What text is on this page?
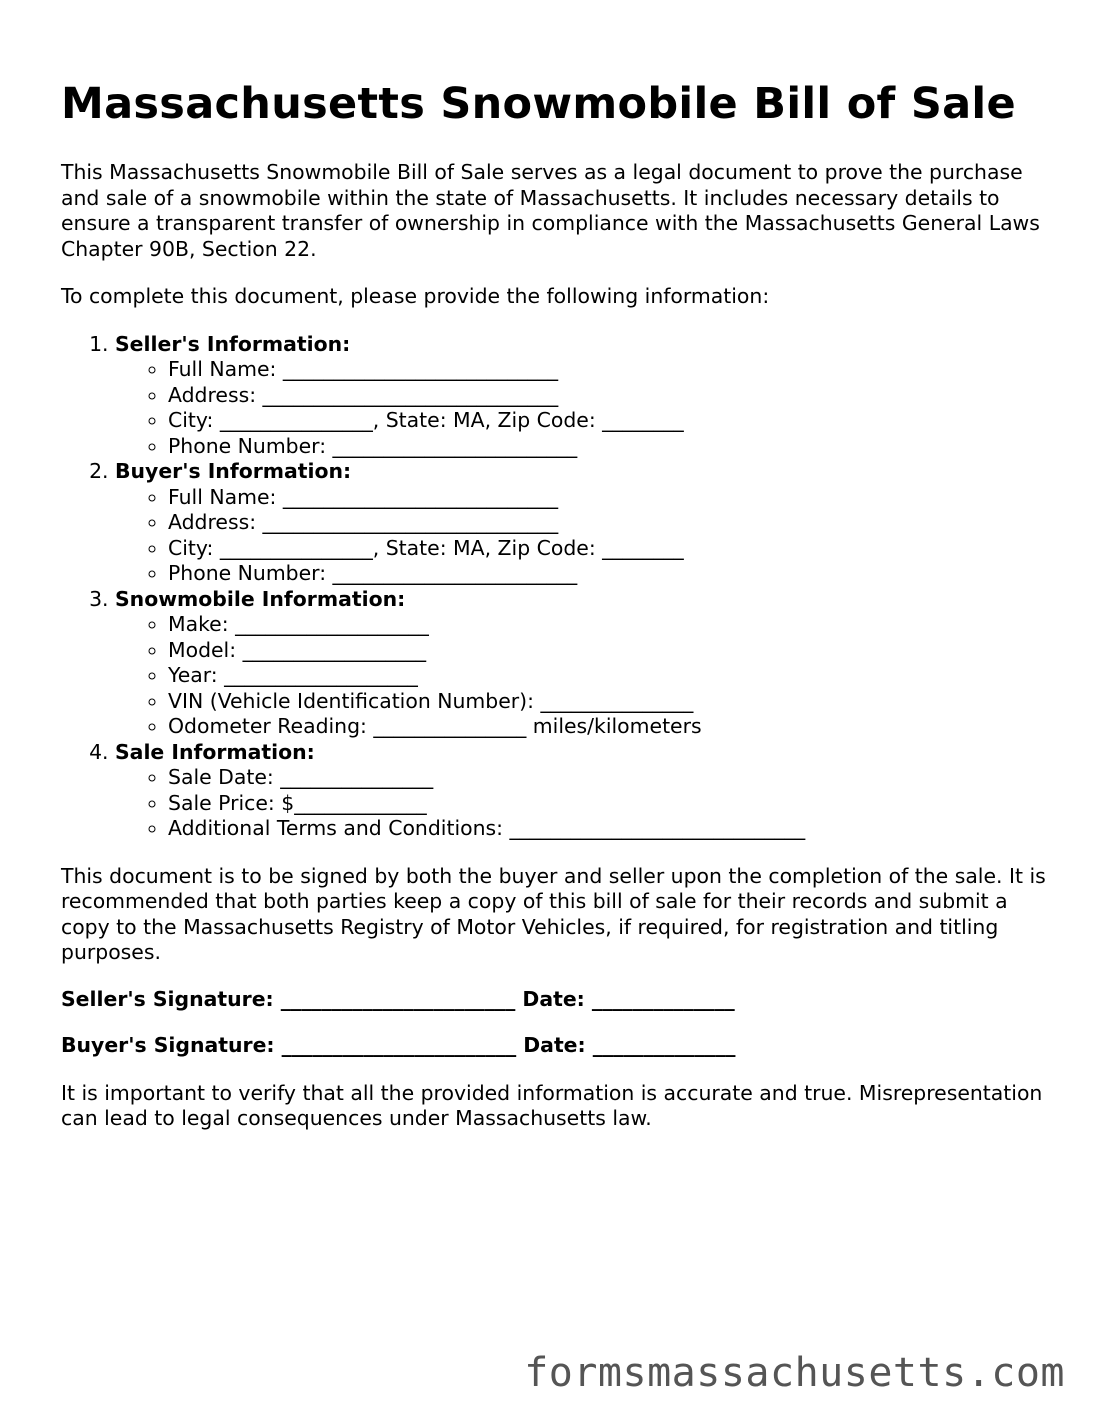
Massachusetts Snowmobile Bill of Sale

This Massachusetts Snowmobile Bill of Sale serves as a legal document to prove the purchase and sale of a snowmobile within the state of Massachusetts. It includes necessary details to ensure a transparent transfer of ownership in compliance with the Massachusetts General Laws Chapter 90B, Section 22.

To complete this document, please provide the following information:

1. Seller's Information:
◦ Full Name: ___________________________
◦ Address: _____________________________
◦ City: _______________, State: MA, Zip Code: ________
◦ Phone Number: ________________________
2. Buyer's Information:
◦ Full Name: ___________________________
◦ Address: _____________________________
◦ City: _______________, State: MA, Zip Code: ________
◦ Phone Number: ________________________
3. Snowmobile Information:
◦ Make: ___________________
◦ Model: __________________
◦ Year: ___________________
◦ VIN (Vehicle Identification Number): _______________
◦ Odometer Reading: _______________ miles/kilometers
4. Sale Information:
◦ Sale Date: _______________
◦ Sale Price: $_____________
◦ Additional Terms and Conditions: _____________________________

This document is to be signed by both the buyer and seller upon the completion of the sale. It is recommended that both parties keep a copy of this bill of sale for their records and submit a copy to the Massachusetts Registry of Motor Vehicles, if required, for registration and titling purposes.

Seller's Signature: _______________________ Date: ______________

Buyer's Signature: _______________________ Date: ______________

It is important to verify that all the provided information is accurate and true. Misrepresentation can lead to legal consequences under Massachusetts law.

formsmassachusetts.com
